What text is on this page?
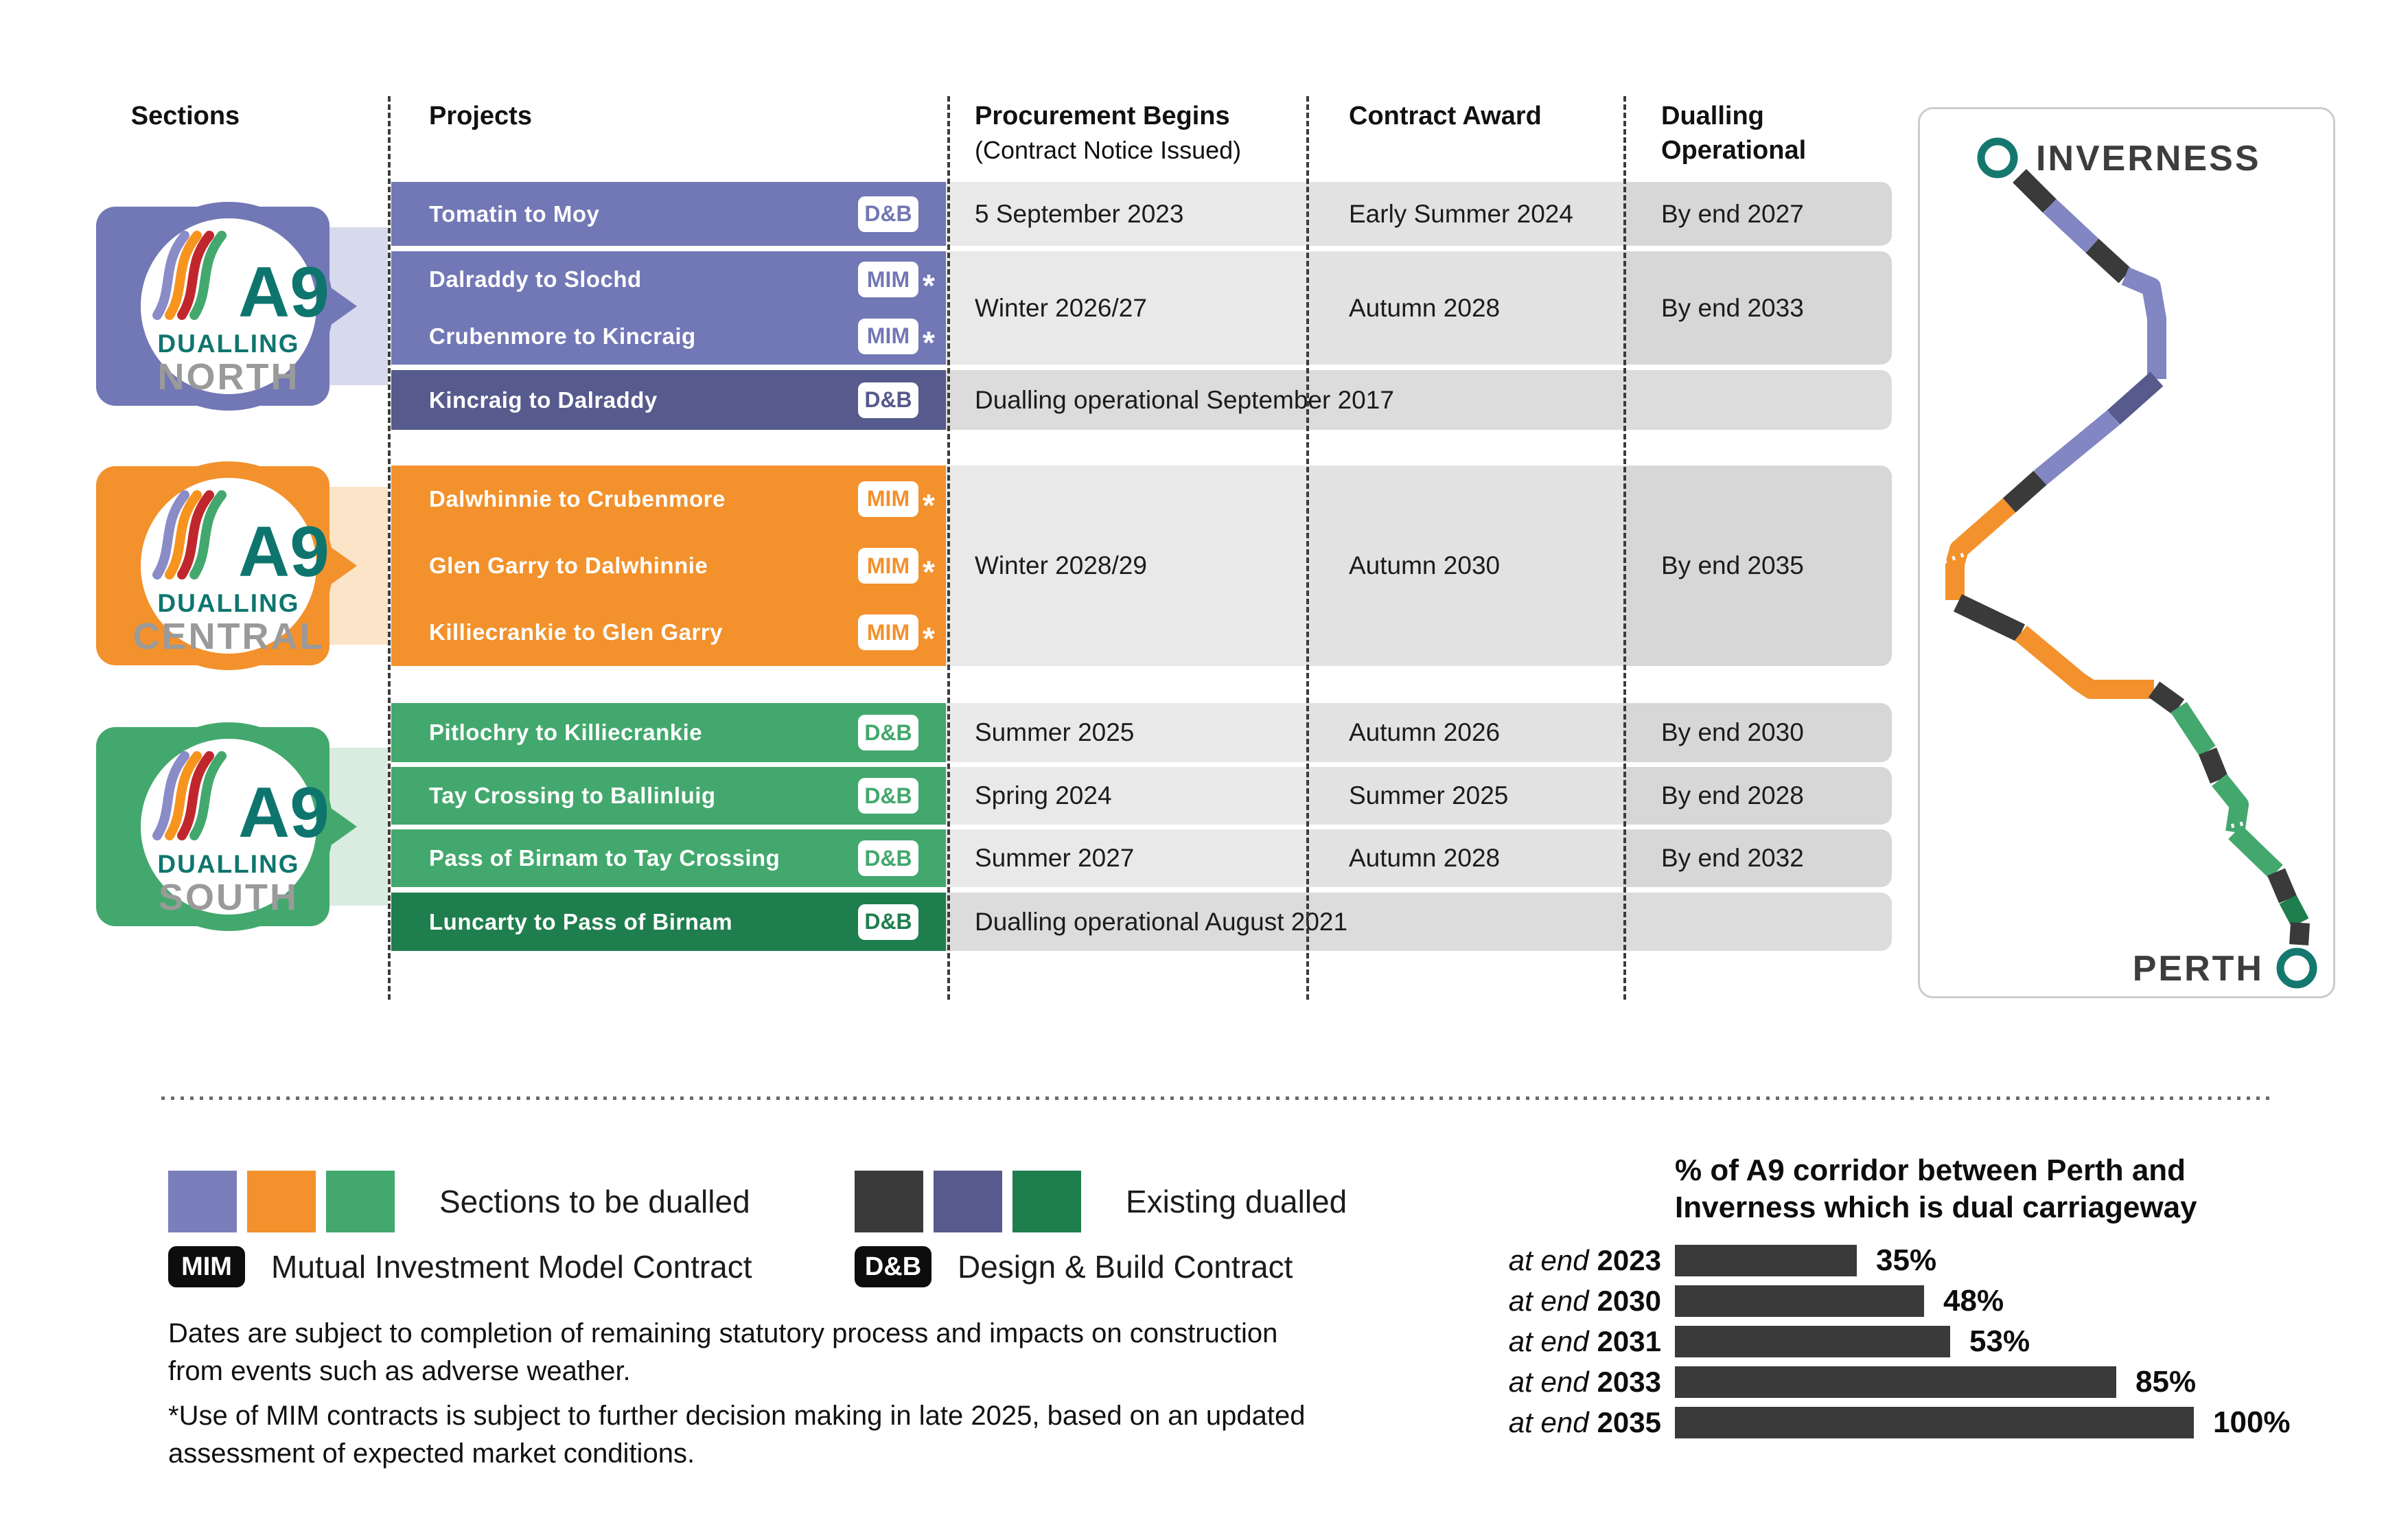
Sections	Projects	Procurement Begins
(Contract Notice Issued)
Contract Award	Dualling
Operational
A9
DUALLING
NORTH
A9
DUALLING
CENTRAL
A9
DUALLING
SOUTH
Tomatin to Moy	D&B 5 September 2023	Early Summer 2024	By end 2027
Dalraddy to Slochd	MIM *
Crubenmore to Kincraig	MIM *
Winter 2026/27	Autumn 2028	By end 2033
Kincraig to Dalraddy	D&B Dualling operational September 2017
Dalwhinnie to Crubenmore	MIM *
Glen Garry to Dalwhinnie	MIM *
Killiecrankie to Glen Garry	MIM *
Winter 2028/29	Autumn 2030	By end 2035
Pitlochry to Killiecrankie	D&B Summer 2025	Autumn 2026	By end 2030
Tay Crossing to Ballinluig	D&B Spring 2024	Summer 2025	By end 2028
Pass of Birnam to Tay Crossing	D&B Summer 2027	Autumn 2028	By end 2032
Luncarty to Pass of Birnam	D&B Dualling operational August 2021
INVERNESS
PERTH
Sections to be dualled	Existing dualled
MIM	Mutual Investment Model Contract	D&B	Design & Build Contract
Dates are subject to completion of remaining statutory process and impacts on construction
from events such as adverse weather.
*Use of MIM contracts is subject to further decision making in late 2025, based on an updated
assessment of expected market conditions.
% of A9 corridor between Perth and
Inverness which is dual carriageway
at end 2023	35%
at end 2030	48%
at end 2031	53%
at end 2033	85%
at end 2035	100%
